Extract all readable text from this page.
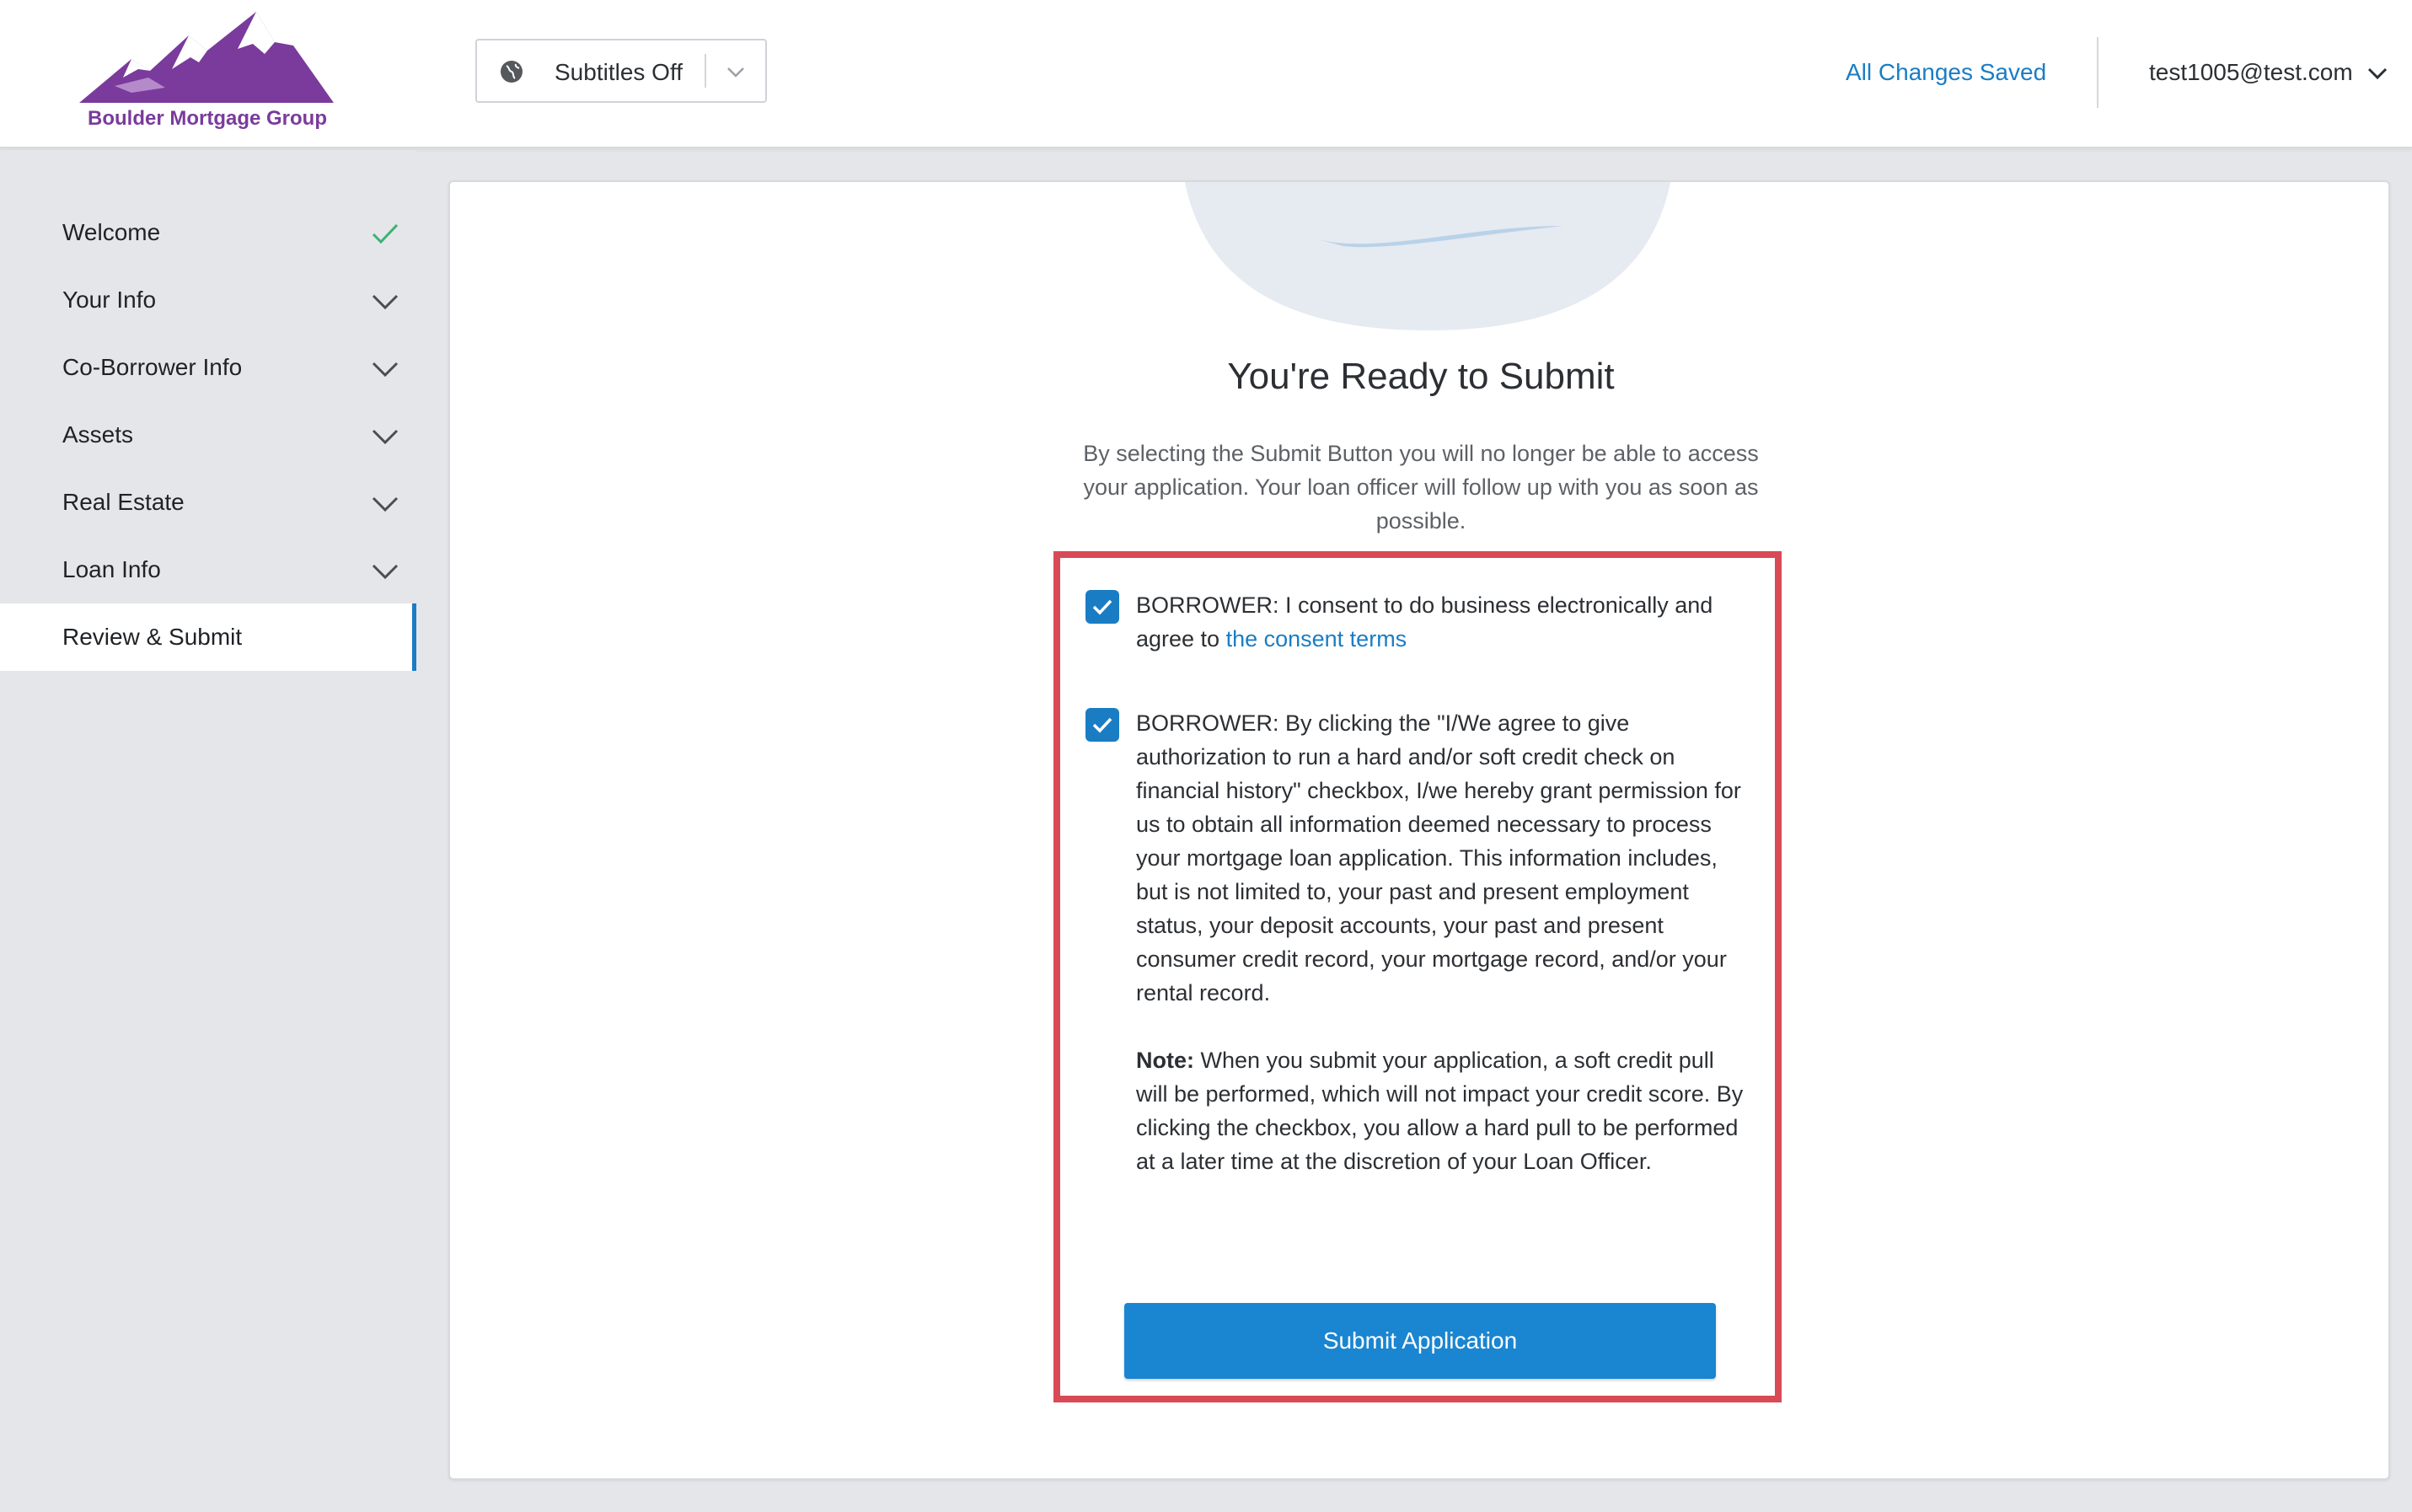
Boulder Mortgage Group
Subtitles Off	All Changes Saved	test1005@test.com
Welcome
Your Info
Co-Borrower Info
Assets
Real Estate
Loan Info
Review & Submit
You're Ready to Submit
By selecting the Submit Button you will no longer be able to access your application. Your loan officer will follow up with you as soon as possible.
BORROWER: I consent to do business electronically and agree to the consent terms
BORROWER: By clicking the "I/We agree to give authorization to run a hard and/or soft credit check on financial history" checkbox, I/we hereby grant permission for us to obtain all information deemed necessary to process your mortgage loan application. This information includes, but is not limited to, your past and present employment status, your deposit accounts, your past and present consumer credit record, your mortgage record, and/or your rental record.
Note: When you submit your application, a soft credit pull will be performed, which will not impact your credit score. By clicking the checkbox, you allow a hard pull to be performed at a later time at the discretion of your Loan Officer.
Submit Application
